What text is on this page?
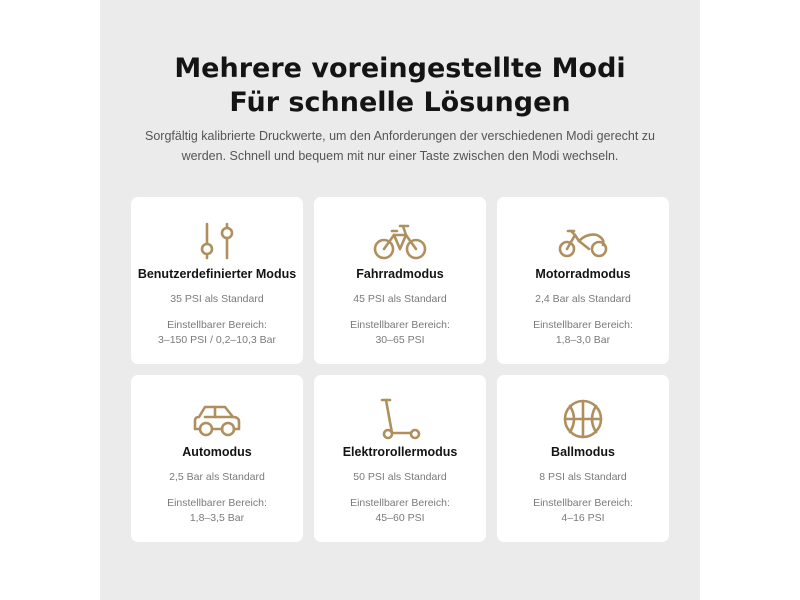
Mehrere voreingestellte Modi
Für schnelle Lösungen

Sorgfältig kalibrierte Druckwerte, um den Anforderungen der verschiedenen Modi gerecht zu werden. Schnell und bequem mit nur einer Taste zwischen den Modi wechseln.

Benutzerdefinierter Modus
35 PSI als Standard
Einstellbarer Bereich:
3–150 PSI / 0,2–10,3 Bar
Fahrradmodus
45 PSI als Standard
Einstellbarer Bereich:
30–65 PSI
Motorradmodus
2,4 Bar als Standard
Einstellbarer Bereich:
1,8–3,0 Bar
Automodus
2,5 Bar als Standard
Einstellbarer Bereich:
1,8–3,5 Bar
Elektrorollermodus
50 PSI als Standard
Einstellbarer Bereich:
45–60 PSI
Ballmodus
8 PSI als Standard
Einstellbarer Bereich:
4–16 PSI
